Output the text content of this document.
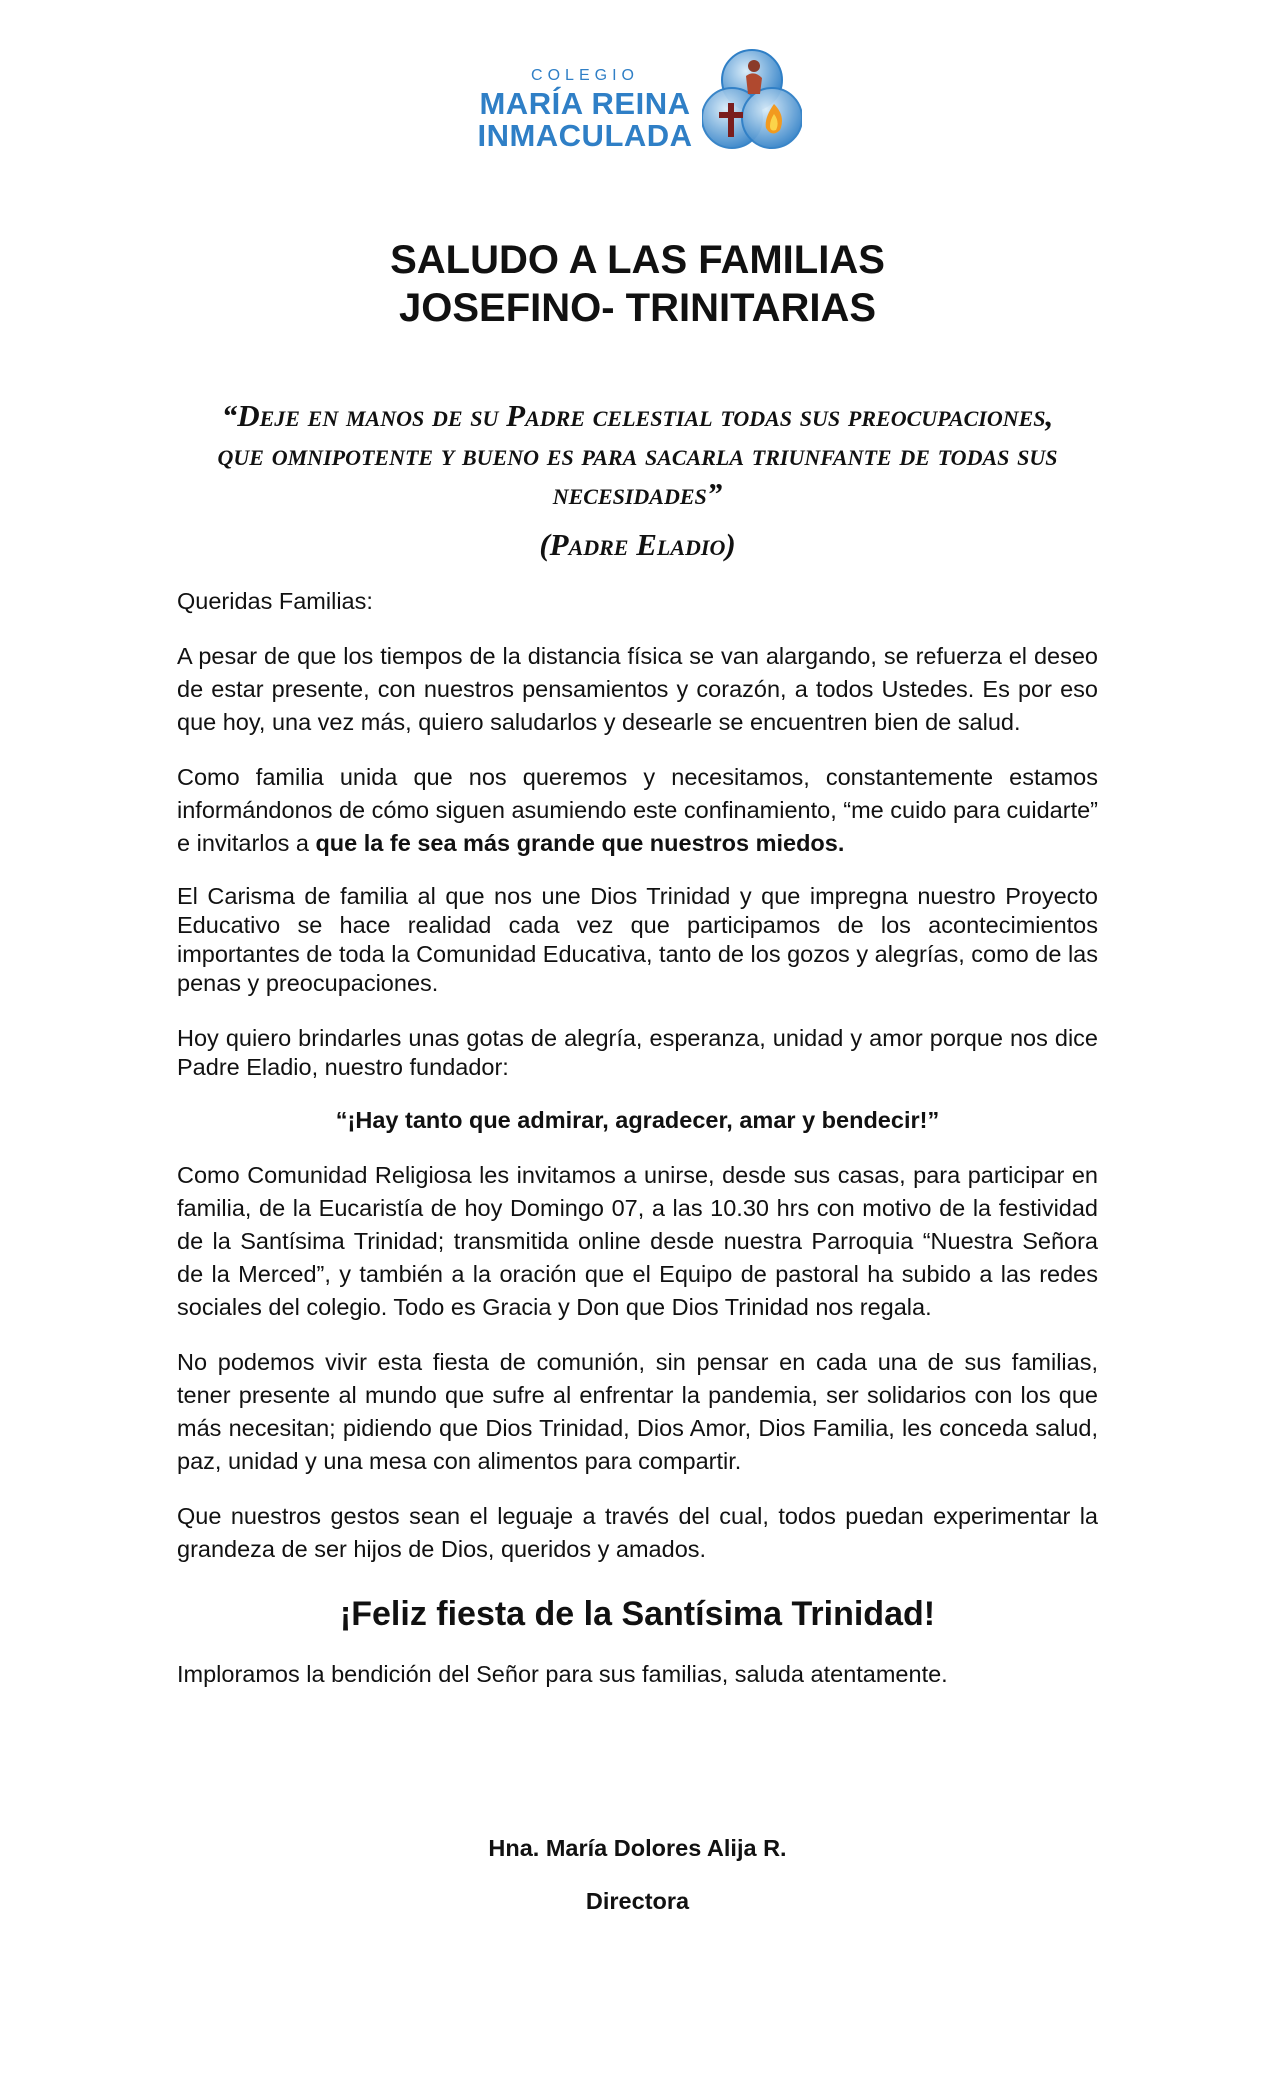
COLEGIO
MARÍA REINA
INMACULADA
SALUDO A LAS FAMILIAS
JOSEFINO- TRINITARIAS
“Deje en manos de su Padre celestial todas sus preocupaciones, que omnipotente y bueno es para sacarla triunfante de todas sus necesidades”
(Padre Eladio)

Queridas Familias:

A pesar de que los tiempos de la distancia física se van alargando, se refuerza el deseo de estar presente, con nuestros pensamientos y corazón, a todos Ustedes. Es por eso que hoy, una vez más, quiero saludarlos y desearle se encuentren bien de salud.

Como familia unida que nos queremos y necesitamos, constantemente estamos informándonos de cómo siguen asumiendo este confinamiento, “me cuido para cuidarte” e invitarlos a que la fe sea más grande que nuestros miedos.

El Carisma de familia al que nos une Dios Trinidad y que impregna nuestro Proyecto Educativo se hace realidad cada vez que participamos de los acontecimientos importantes de toda la Comunidad Educativa, tanto de los gozos y alegrías, como de las penas y preocupaciones.

Hoy quiero brindarles unas gotas de alegría, esperanza, unidad y amor porque nos dice Padre Eladio, nuestro fundador:

“¡Hay tanto que admirar, agradecer, amar y bendecir!”

Como Comunidad Religiosa les invitamos a unirse, desde sus casas, para participar en familia, de la Eucaristía de hoy Domingo 07, a las 10.30 hrs con motivo de la festividad de la Santísima Trinidad; transmitida online desde nuestra Parroquia “Nuestra Señora de la Merced”, y también a la oración que el Equipo de pastoral ha subido a las redes sociales del colegio. Todo es Gracia y Don que Dios Trinidad nos regala.

No podemos vivir esta fiesta de comunión, sin pensar en cada una de sus familias, tener presente al mundo que sufre al enfrentar la pandemia, ser solidarios con los que más necesitan; pidiendo que Dios Trinidad, Dios Amor, Dios Familia, les conceda salud, paz, unidad y una mesa con alimentos para compartir.

Que nuestros gestos sean el leguaje a través del cual, todos puedan experimentar la grandeza de ser hijos de Dios, queridos y amados.

¡Feliz fiesta de la Santísima Trinidad!

Imploramos la bendición del Señor para sus familias, saluda atentamente.

Hna. María Dolores Alija R.
Directora
